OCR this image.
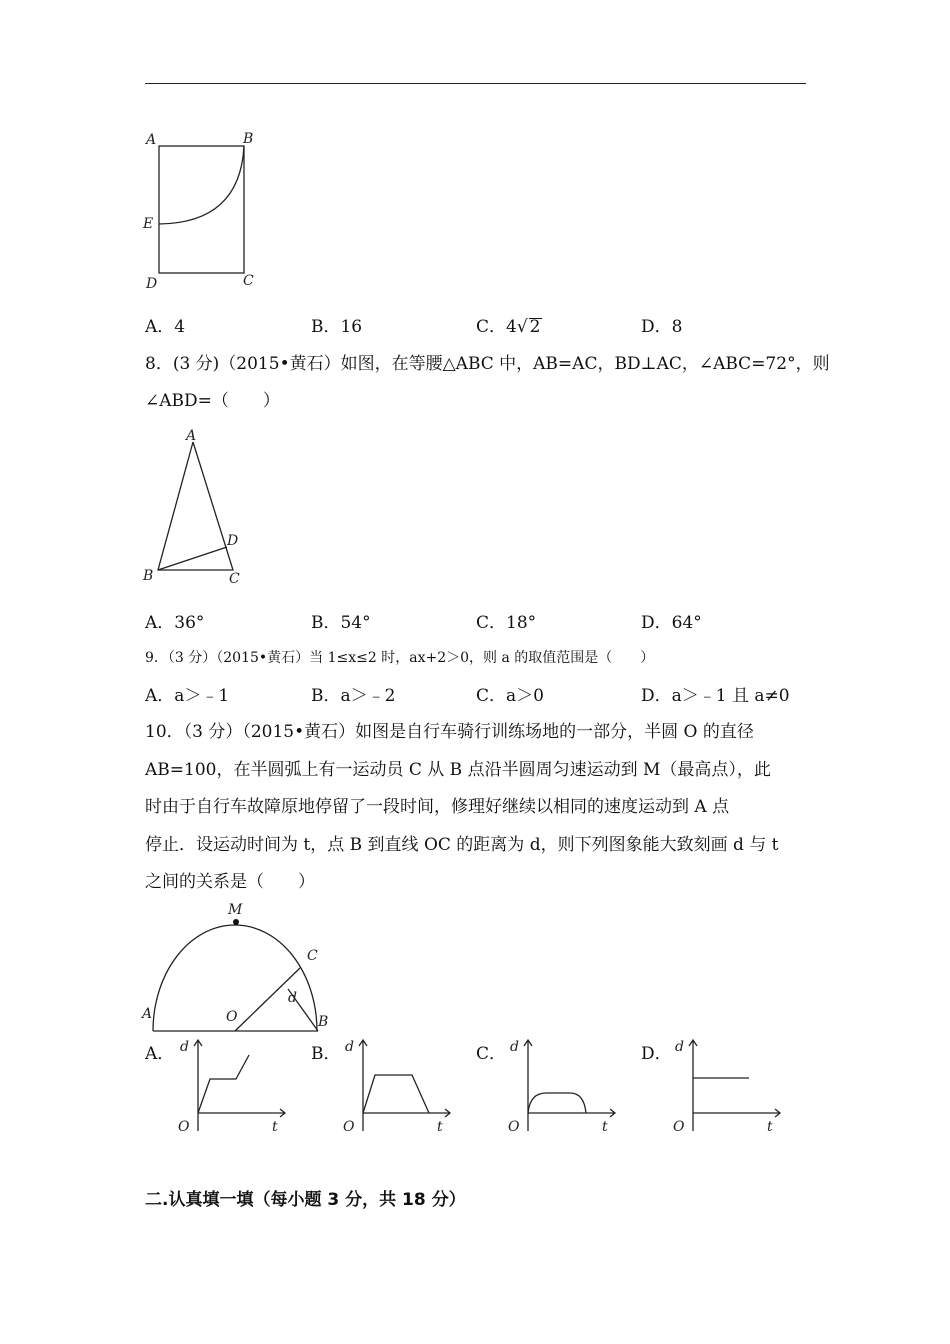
A	B
E
D	C
A．4	B．16	C．4√ 2	D．8
8．(3 分)（2015•黄石）如图，在等腰△ABC 中，AB=AC，BD⊥AC，∠ABC=72°，则
∠ABD=（　　）
A
B	C
D
A．36°	B．54°	C．18°	D．64°
9．（3 分）（2015•黄石）当 1≤x≤2 时，ax+2＞0，则 a 的取值范围是（　　）
A．a＞﹣1	B．a＞﹣2	C．a＞0	D．a＞﹣1 且 a≠0
10．（3 分）（2015•黄石）如图是自行车骑行训练场地的一部分，半圆 O 的直径
AB=100，在半圆弧上有一运动员 C 从 B 点沿半圆周匀速运动到 M（最高点），此
时由于自行车故障原地停留了一段时间，修理好继续以相同的速度运动到 A 点
停止．设运动时间为 t，点 B 到直线 OC 的距离为 d，则下列图象能大致刻画 d 与 t
之间的关系是（　　）
M
A	O	B
C
d
A．	B．	C．	D．
d
t
O
d
t
O
d
t
O
d
t
O
二.认真填一填（每小题 3 分，共 18 分）
